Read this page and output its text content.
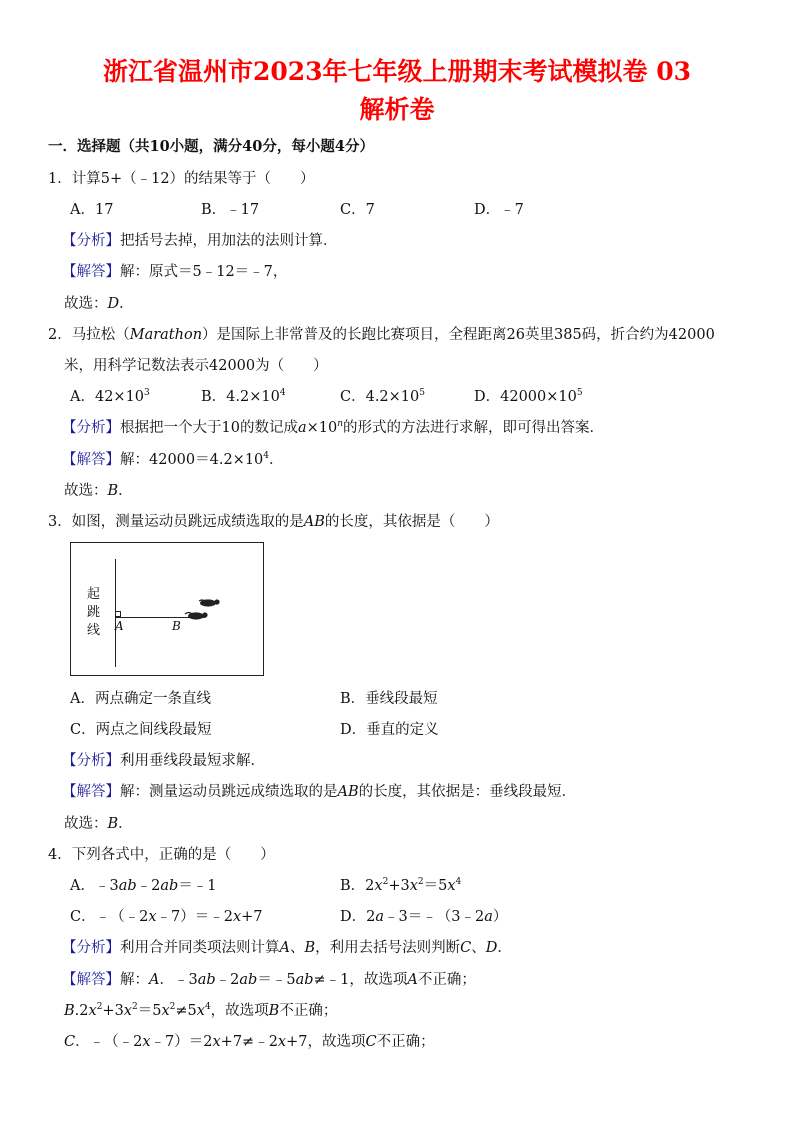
浙江省温州市2023年七年级上册期末考试模拟卷 03
解析卷
一．选择题（共10小题，满分40分，每小题4分）
1．计算5+（﹣12）的结果等于（　　）
A．17	B．﹣17	C．7	D．﹣7
【分析】把括号去掉，用加法的法则计算．
【解答】解：原式＝5﹣12＝﹣7，
故选：D．
2．马拉松（Marathon）是国际上非常普及的长跑比赛项目，全程距离26英里385码，折合约为42000
米，用科学记数法表示42000为（　　）
A．$42\times 10^3$	B．$4.2\times 10^4$	C．$4.2\times 10^5$	D．$42000\times 10^5$
【分析】根据把一个大于10的数记成$a\times 10^n$的形式的方法进行求解，即可得出答案．
【解答】解：$42000=4.2\times 10^4$．
故选：B．
3．如图，测量运动员跳远成绩选取的是AB的长度，其依据是（　　）
起
跳
线 A	B
A．两点确定一条直线	B．垂线段最短
C．两点之间线段最短	D．垂直的定义
【分析】利用垂线段最短求解．
【解答】解：测量运动员跳远成绩选取的是AB的长度，其依据是：垂线段最短．
故选：B．
4．下列各式中，正确的是（　　）
A．﹣3ab﹣2ab＝﹣1	B．$2x^2+3x^2=5x^4$
C．﹣（﹣2x﹣7）＝﹣2x+7	D．2a﹣3＝﹣（3﹣2a）
【分析】利用合并同类项法则计算A、B，利用去括号法则判断C、D．
【解答】解：A．﹣3ab﹣2ab＝﹣5ab≠﹣1，故选项A不正确；
$B.2x^2+3x^2=5x^2\ne 5x^4$，故选项B不正确；
C．﹣（﹣2x﹣7）＝2x+7≠﹣2x+7，故选项C不正确；
